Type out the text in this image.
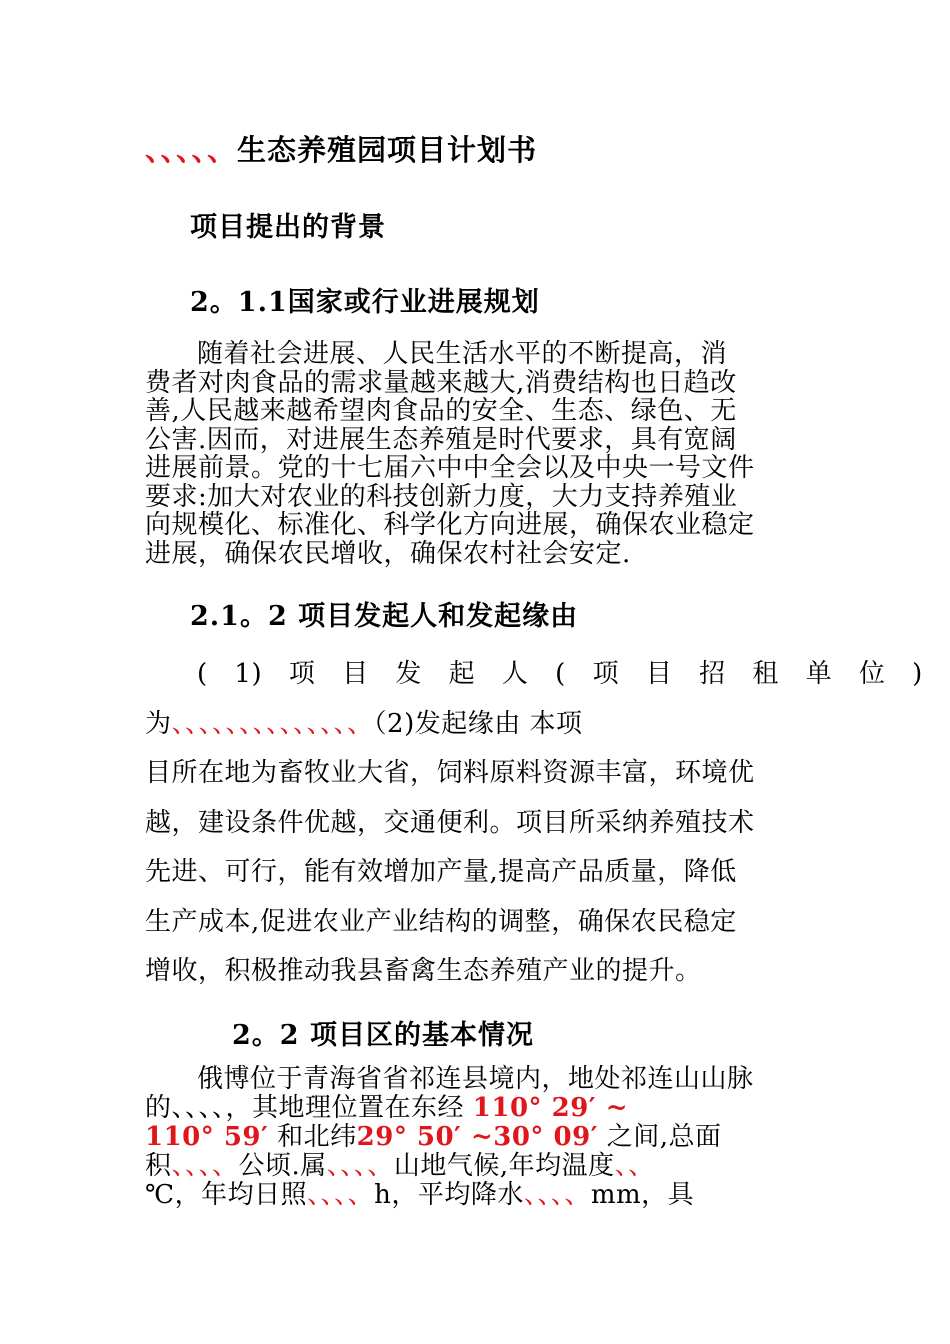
、、、、、生态养殖园项目计划书
项目提出的背景
2。1.1国家或行业进展规划
随着社会进展、人民生活水平的不断提高，消
费者对肉食品的需求量越来越大,消费结构也日趋改
善,人民越来越希望肉食品的安全、生态、绿色、无
公害.因而，对进展生态养殖是时代要求，具有宽阔
进展前景。党的十七届六中中全会以及中央一号文件
要求:加大对农业的科技创新力度，大力支持养殖业
向规模化、标准化、科学化方向进展，确保农业稳定
进展，确保农民增收，确保农村社会安定.
2.1。2 项目发起人和发起缘由
( 1) 项 目 发 起 人 ( 项 目 招 租 单 位 )
为、、、、、、、、、、、、、、（2)发起缘由 本项
目所在地为畜牧业大省，饲料原料资源丰富，环境优
越，建设条件优越，交通便利。项目所采纳养殖技术
先进、可行，能有效增加产量,提高产品质量，降低
生产成本,促进农业产业结构的调整，确保农民稳定
增收，积极推动我县畜禽生态养殖产业的提升。
2。2 项目区的基本情况
俄博位于青海省省祁连县境内，地处祁连山山脉
的、、、、，其地理位置在东经 110° 29′ ~
110° 59′ 和北纬29° 50′ ~30° 09′ 之间,总面
积、、、、公顷.属、、、、山地气候,年均温度、、
℃，年均日照、、、、h，平均降水、、、、mm，具
